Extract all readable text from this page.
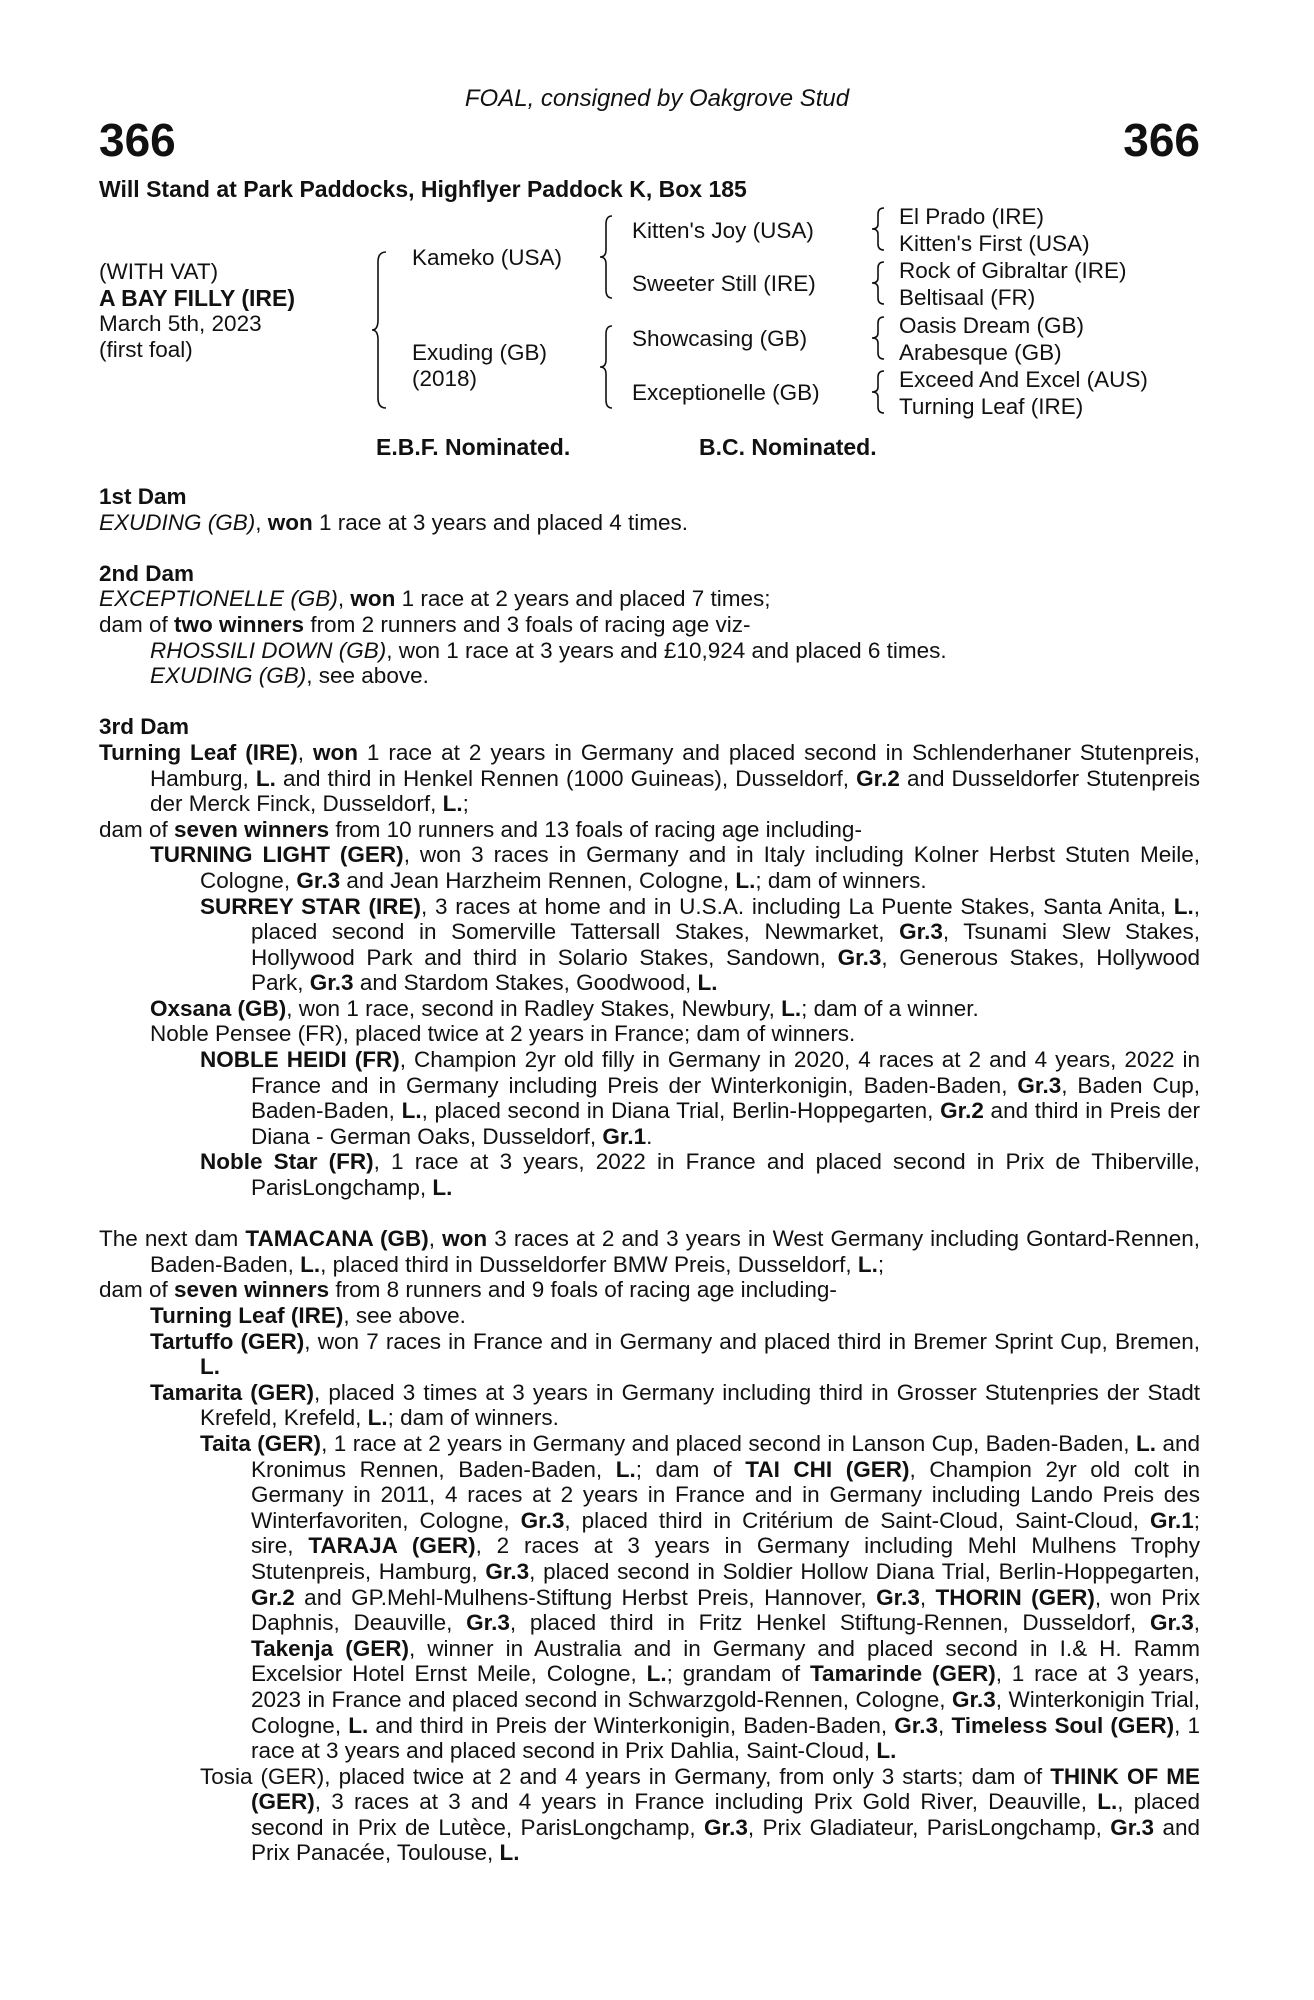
FOAL, consigned by Oakgrove Stud
366	366
Will Stand at Park Paddocks, Highflyer Paddock K, Box 185
(WITH VAT)
A BAY FILLY (IRE)
March 5th, 2023
(first foal)
Kameko (USA)
Exuding (GB)
(2018)
Kitten's Joy (USA)
Sweeter Still (IRE)
Showcasing (GB)
Exceptionelle (GB)
El Prado (IRE)
Kitten's First (USA)
Rock of Gibraltar (IRE)
Beltisaal (FR)
Oasis Dream (GB)
Arabesque (GB)
Exceed And Excel (AUS)
Turning Leaf (IRE)
E.B.F. Nominated.	B.C. Nominated.
1st Dam
EXUDING (GB), won 1 race at 3 years and placed 4 times.
2nd Dam
EXCEPTIONELLE (GB), won 1 race at 2 years and placed 7 times;
dam of two winners from 2 runners and 3 foals of racing age viz-
RHOSSILI DOWN (GB), won 1 race at 3 years and £10,924 and placed 6 times.
EXUDING (GB), see above.
3rd Dam
Turning Leaf (IRE), won 1 race at 2 years in Germany and placed second in Schlenderhaner Stutenpreis, Hamburg, L. and third in Henkel Rennen (1000 Guineas), Dusseldorf, Gr.2 and Dusseldorfer Stutenpreis der Merck Finck, Dusseldorf, L.;
dam of seven winners from 10 runners and 13 foals of racing age including-
TURNING LIGHT (GER), won 3 races in Germany and in Italy including Kolner Herbst Stuten Meile, Cologne, Gr.3 and Jean Harzheim Rennen, Cologne, L.; dam of winners.
SURREY STAR (IRE), 3 races at home and in U.S.A. including La Puente Stakes, Santa Anita, L., placed second in Somerville Tattersall Stakes, Newmarket, Gr.3, Tsunami Slew Stakes, Hollywood Park and third in Solario Stakes, Sandown, Gr.3, Generous Stakes, Hollywood Park, Gr.3 and Stardom Stakes, Goodwood, L.
Oxsana (GB), won 1 race, second in Radley Stakes, Newbury, L.; dam of a winner.
Noble Pensee (FR), placed twice at 2 years in France; dam of winners.
NOBLE HEIDI (FR), Champion 2yr old filly in Germany in 2020, 4 races at 2 and 4 years, 2022 in France and in Germany including Preis der Winterkonigin, Baden-Baden, Gr.3, Baden Cup, Baden-Baden, L., placed second in Diana Trial, Berlin-Hoppegarten, Gr.2 and third in Preis der Diana - German Oaks, Dusseldorf, Gr.1.
Noble Star (FR), 1 race at 3 years, 2022 in France and placed second in Prix de Thiberville, ParisLongchamp, L.
The next dam TAMACANA (GB), won 3 races at 2 and 3 years in West Germany including Gontard-Rennen, Baden-Baden, L., placed third in Dusseldorfer BMW Preis, Dusseldorf, L.;
dam of seven winners from 8 runners and 9 foals of racing age including-
Turning Leaf (IRE), see above.
Tartuffo (GER), won 7 races in France and in Germany and placed third in Bremer Sprint Cup, Bremen, L.
Tamarita (GER), placed 3 times at 3 years in Germany including third in Grosser Stutenpries der Stadt Krefeld, Krefeld, L.; dam of winners.
Taita (GER), 1 race at 2 years in Germany and placed second in Lanson Cup, Baden-Baden, L. and Kronimus Rennen, Baden-Baden, L.; dam of TAI CHI (GER), Champion 2yr old colt in Germany in 2011, 4 races at 2 years in France and in Germany including Lando Preis des Winterfavoriten, Cologne, Gr.3, placed third in Critérium de Saint-Cloud, Saint-Cloud, Gr.1; sire, TARAJA (GER), 2 races at 3 years in Germany including Mehl Mulhens Trophy Stutenpreis, Hamburg, Gr.3, placed second in Soldier Hollow Diana Trial, Berlin-Hoppegarten, Gr.2 and GP.Mehl-Mulhens-Stiftung Herbst Preis, Hannover, Gr.3, THORIN (GER), won Prix Daphnis, Deauville, Gr.3, placed third in Fritz Henkel Stiftung-Rennen, Dusseldorf, Gr.3, Takenja (GER), winner in Australia and in Germany and placed second in I.& H. Ramm Excelsior Hotel Ernst Meile, Cologne, L.; grandam of Tamarinde (GER), 1 race at 3 years, 2023 in France and placed second in Schwarzgold-Rennen, Cologne, Gr.3, Winterkonigin Trial, Cologne, L. and third in Preis der Winterkonigin, Baden-Baden, Gr.3, Timeless Soul (GER), 1 race at 3 years and placed second in Prix Dahlia, Saint-Cloud, L.
Tosia (GER), placed twice at 2 and 4 years in Germany, from only 3 starts; dam of THINK OF ME (GER), 3 races at 3 and 4 years in France including Prix Gold River, Deauville, L., placed second in Prix de Lutèce, ParisLongchamp, Gr.3, Prix Gladiateur, ParisLongchamp, Gr.3 and Prix Panacée, Toulouse, L.
